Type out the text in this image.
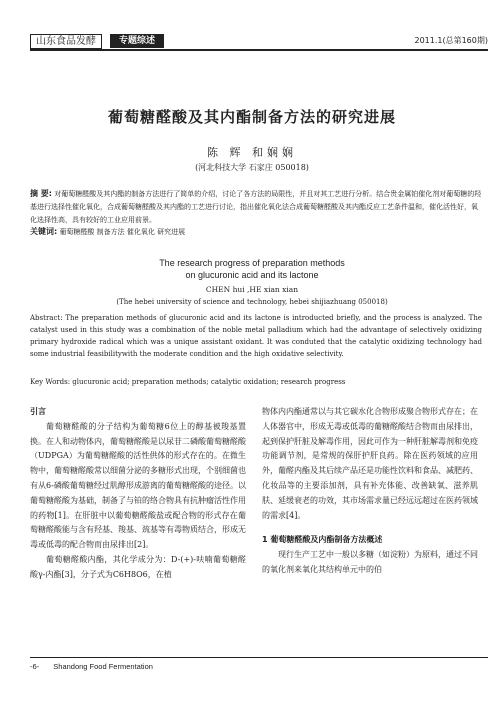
山东食品发酵	专题综述	2011.1(总第160期)
葡萄糖醛酸及其内酯制备方法的研究进展
陈 辉 和娴娴
(河北科技大学 石家庄 050018)
摘 要: 对葡萄糖醛酸及其内酯的制备方法进行了简单的介绍，讨论了各方法的局限性，并且对其工艺进行分析。结合贵金属铂催化剂对葡萄糖的羟基进行选择性催化氧化，合成葡萄糖醛酸及其内酯的工艺进行讨论，指出催化氧化法合成葡萄糖醛酸及其内酯反应工艺条件温和，催化活性好，氧化选择性高，具有较好的工业应用前景。
关键词: 葡萄糖醛酸 制备方法 催化氧化 研究进展
The research progress of preparation methods
on glucuronic acid and its lactone
CHEN hui ,HE xian xian
(The hebei university of science and technology, hebei shijiazhuang 050018)
Abstract: The preparation methods of glucuronic acid and its lactone is introducted briefly, and the process is analyzed. The catalyst used in this study was a combination of the noble metal palladium which had the advantage of selectively oxidizing primary hydroxide radical which was a unique assistant oxidant. It was conduted that the catalytic oxidizing technology had some industrial feasibilitywith the moderate condition and the high oxidative selectivity.
Key Words: glucuronic acid; preparation methods; catalytic oxidation; research progress

引言

葡萄糖醛酸的分子结构为葡萄糖6位上的醇基被羧基置换。在人和动物体内，葡萄糖醛酸是以尿苷二磷酸葡萄糖醛酸（UDPGA）为葡萄糖醛酸的活性供体的形式存在的。在微生物中，葡萄糖醛酸常以细菌分泌的多糖形式出现，个别细菌也有从6-磷酸葡萄糖经过肌醇形成游离的葡萄糖醛酸的途径。以葡萄糖醛酸为基础，制备了与铂的络合物具有抗肿瘤活性作用的药物[1]。在肝脏中以葡萄糖醛酸盐或配合物的形式存在葡萄糖醛酸能与含有羟基、羧基、巯基等有毒物质结合，形成无毒或低毒的配合物而由尿排出[2]。

葡萄糖醛酸内酯，其化学成分为：D-(+)-呋喃葡萄糖醛酸γ-内酯[3]，分子式为C6H8O6，在植

物体内内酯通常以与其它碳水化合物形成聚合物形式存在；在人体器官中，形成无毒或低毒的葡糖醛酸结合物而由尿排出，起到保护肝脏及解毒作用，因此可作为一种肝脏解毒剂和免疫功能调节剂，是常规的保肝护肝良药。除在医药领域的应用外，葡醛内酯及其后续产品还是功能性饮料和食品、减肥药、化妆品等的主要添加剂，具有补充体能、改善缺氧、滋养肌肤、延缓衰老的功效，其市场需求量已经远远超过在医药领域的需求[4]。

1 葡萄糖醛酸及内酯制备方法概述

现行生产工艺中一般以多糖（如淀粉）为原料，通过不同的氧化剂来氧化其结构单元中的伯

-6- Shandong Food Fermentation
